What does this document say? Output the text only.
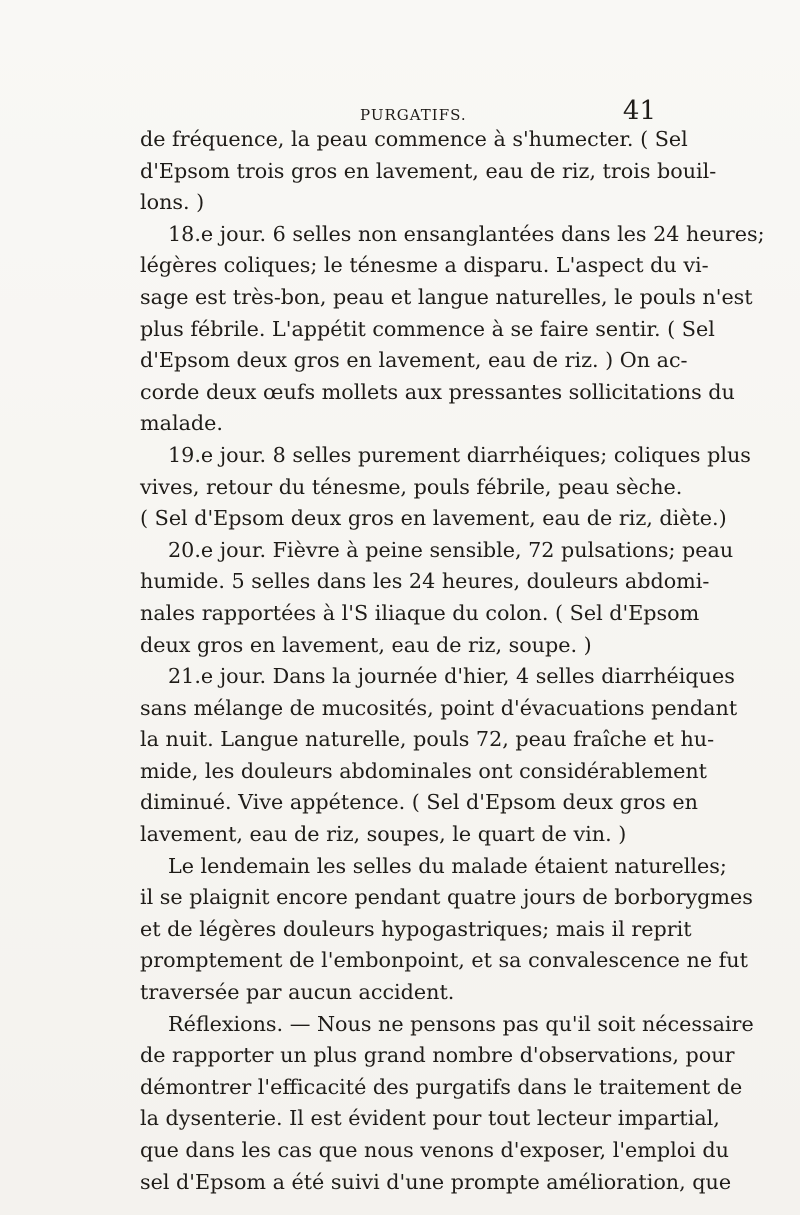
PURGATIFS.	41
de fréquence, la peau commence à s'humecter. ( Sel
d'Epsom trois gros en lavement, eau de riz, trois bouil-
lons. )
18.e jour. 6 selles non ensanglantées dans les 24 heures;
légères coliques; le ténesme a disparu. L'aspect du vi-
sage est très-bon, peau et langue naturelles, le pouls n'est
plus fébrile. L'appétit commence à se faire sentir. ( Sel
d'Epsom deux gros en lavement, eau de riz. ) On ac-
corde deux œufs mollets aux pressantes sollicitations du
malade.
19.e jour. 8 selles purement diarrhéiques; coliques plus
vives, retour du ténesme, pouls fébrile, peau sèche.
( Sel d'Epsom deux gros en lavement, eau de riz, diète.)
20.e jour. Fièvre à peine sensible, 72 pulsations; peau
humide. 5 selles dans les 24 heures, douleurs abdomi-
nales rapportées à l'S iliaque du colon. ( Sel d'Epsom
deux gros en lavement, eau de riz, soupe. )
21.e jour. Dans la journée d'hier, 4 selles diarrhéiques
sans mélange de mucosités, point d'évacuations pendant
la nuit. Langue naturelle, pouls 72, peau fraîche et hu-
mide, les douleurs abdominales ont considérablement
diminué. Vive appétence. ( Sel d'Epsom deux gros en
lavement, eau de riz, soupes, le quart de vin. )
Le lendemain les selles du malade étaient naturelles;
il se plaignit encore pendant quatre jours de borborygmes
et de légères douleurs hypogastriques; mais il reprit
promptement de l'embonpoint, et sa convalescence ne fut
traversée par aucun accident.
Réflexions. — Nous ne pensons pas qu'il soit nécessaire
de rapporter un plus grand nombre d'observations, pour
démontrer l'efficacité des purgatifs dans le traitement de
la dysenterie. Il est évident pour tout lecteur impartial,
que dans les cas que nous venons d'exposer, l'emploi du
sel d'Epsom a été suivi d'une prompte amélioration, que
